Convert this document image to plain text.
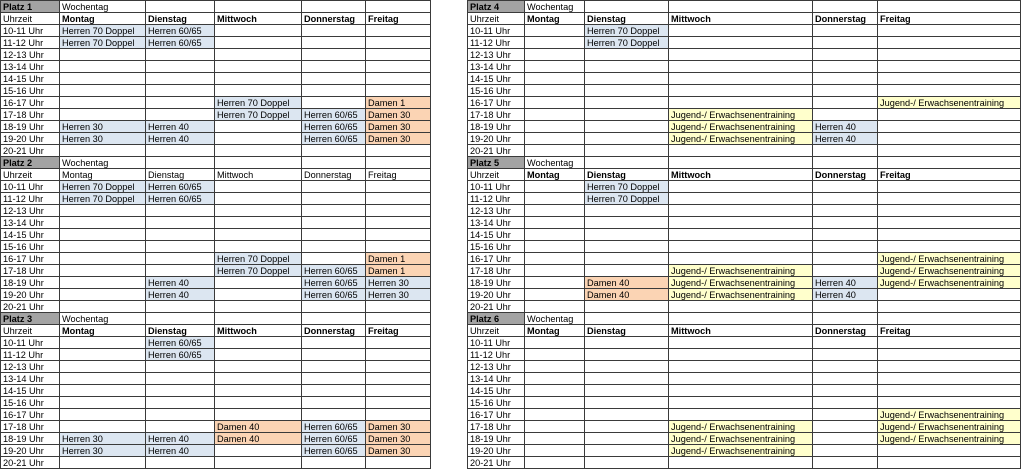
Platz 1	Wochentag				
Uhrzeit	Montag	Dienstag	Mittwoch	Donnerstag	Freitag
10-11 Uhr	Herren 70 Doppel	Herren 60/65			
11-12 Uhr	Herren 70 Doppel	Herren 60/65			
12-13 Uhr					
13-14 Uhr					
14-15 Uhr					
15-16 Uhr					
16-17 Uhr			Herren 70 Doppel		Damen 1
17-18 Uhr			Herren 70 Doppel	Herren 60/65	Damen 30
18-19 Uhr	Herren 30	Herren 40		Herren 60/65	Damen 30
19-20 Uhr	Herren 30	Herren 40		Herren 60/65	Damen 30
20-21 Uhr					
Platz 2	Wochentag				
Uhrzeit	Montag	Dienstag	Mittwoch	Donnerstag	Freitag
10-11 Uhr	Herren 70 Doppel	Herren 60/65			
11-12 Uhr	Herren 70 Doppel	Herren 60/65			
12-13 Uhr					
13-14 Uhr					
14-15 Uhr					
15-16 Uhr					
16-17 Uhr			Herren 70 Doppel		Damen 1
17-18 Uhr			Herren 70 Doppel	Herren 60/65	Damen 1
18-19 Uhr		Herren 40		Herren 60/65	Herren 30
19-20 Uhr		Herren 40		Herren 60/65	Herren 30
20-21 Uhr					
Platz 3	Wochentag				
Uhrzeit	Montag	Dienstag	Mittwoch	Donnerstag	Freitag
10-11 Uhr		Herren 60/65			
11-12 Uhr		Herren 60/65			
12-13 Uhr					
13-14 Uhr					
14-15 Uhr					
15-16 Uhr					
16-17 Uhr					
17-18 Uhr			Damen 40	Herren 60/65	Damen 30
18-19 Uhr	Herren 30	Herren 40	Damen 40	Herren 60/65	Damen 30
19-20 Uhr	Herren 30	Herren 40		Herren 60/65	Damen 30
20-21 Uhr					
Platz 4	Wochentag				
Uhrzeit	Montag	Dienstag	Mittwoch	Donnerstag	Freitag
10-11 Uhr		Herren 70 Doppel			
11-12 Uhr		Herren 70 Doppel			
12-13 Uhr					
13-14 Uhr					
14-15 Uhr					
15-16 Uhr					
16-17 Uhr					Jugend-/ Erwachsenentraining
17-18 Uhr			Jugend-/ Erwachsenentraining		
18-19 Uhr			Jugend-/ Erwachsenentraining	Herren 40	
19-20 Uhr			Jugend-/ Erwachsenentraining	Herren 40	
20-21 Uhr					
Platz 5	Wochentag				
Uhrzeit	Montag	Dienstag	Mittwoch	Donnerstag	Freitag
10-11 Uhr		Herren 70 Doppel			
11-12 Uhr		Herren 70 Doppel			
12-13 Uhr					
13-14 Uhr					
14-15 Uhr					
15-16 Uhr					
16-17 Uhr					Jugend-/ Erwachsenentraining
17-18 Uhr			Jugend-/ Erwachsenentraining		Jugend-/ Erwachsenentraining
18-19 Uhr		Damen 40	Jugend-/ Erwachsenentraining	Herren 40	Jugend-/ Erwachsenentraining
19-20 Uhr		Damen 40	Jugend-/ Erwachsenentraining	Herren 40	
20-21 Uhr					
Platz 6	Wochentag				
Uhrzeit	Montag	Dienstag	Mittwoch	Donnerstag	Freitag
10-11 Uhr					
11-12 Uhr					
12-13 Uhr					
13-14 Uhr					
14-15 Uhr					
15-16 Uhr					
16-17 Uhr					Jugend-/ Erwachsenentraining
17-18 Uhr			Jugend-/ Erwachsenentraining		Jugend-/ Erwachsenentraining
18-19 Uhr			Jugend-/ Erwachsenentraining		Jugend-/ Erwachsenentraining
19-20 Uhr			Jugend-/ Erwachsenentraining		
20-21 Uhr					
